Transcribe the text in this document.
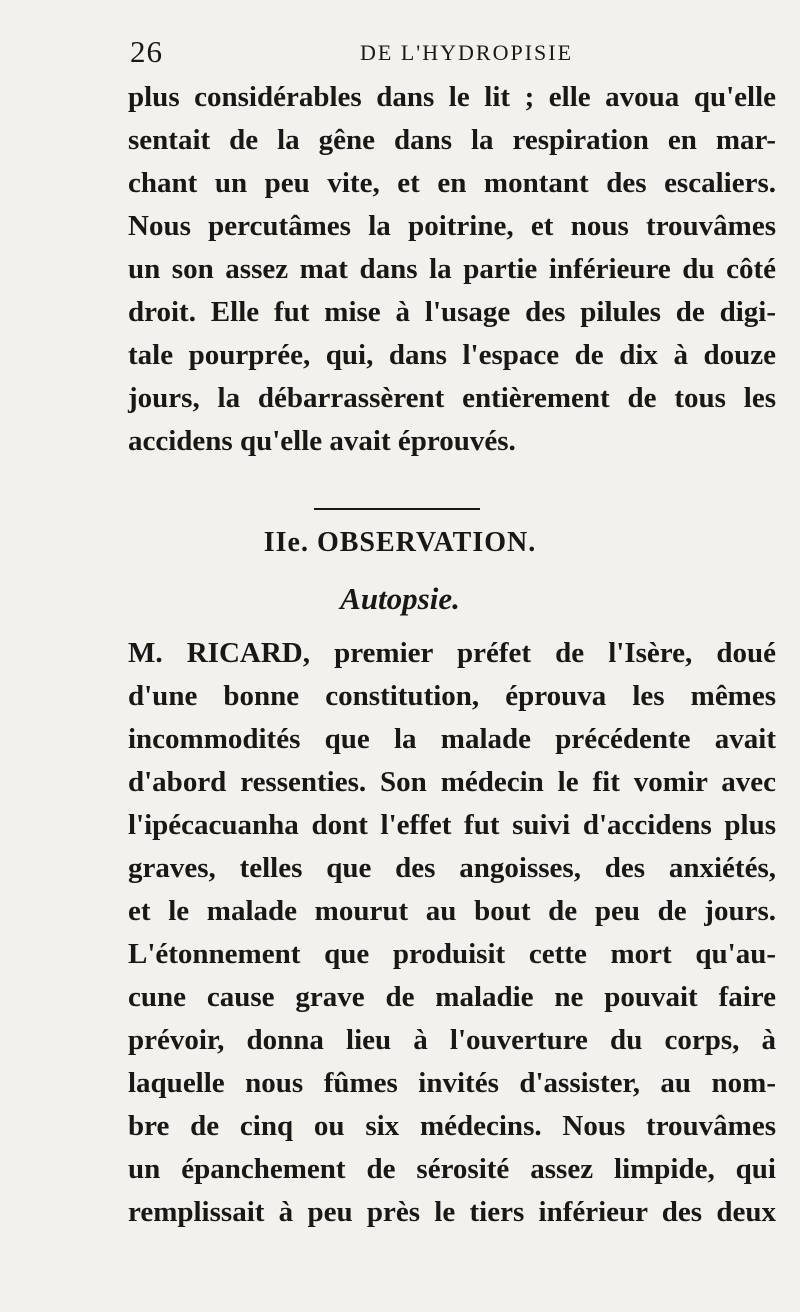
26	DE L'HYDROPISIE
plus considérables dans le lit ; elle avoua qu'elle
sentait de la gêne dans la respiration en mar-
chant un peu vite, et en montant des escaliers.
Nous percutâmes la poitrine, et nous trouvâmes
un son assez mat dans la partie inférieure du côté
droit. Elle fut mise à l'usage des pilules de digi-
tale pourprée, qui, dans l'espace de dix à douze
jours, la débarrassèrent entièrement de tous les
accidens qu'elle avait éprouvés.
IIe. OBSERVATION.
Autopsie.
M. RICARD, premier préfet de l'Isère, doué
d'une bonne constitution, éprouva les mêmes
incommodités que la malade précédente avait
d'abord ressenties. Son médecin le fit vomir avec
l'ipécacuanha dont l'effet fut suivi d'accidens plus
graves, telles que des angoisses, des anxiétés,
et le malade mourut au bout de peu de jours.
L'étonnement que produisit cette mort qu'au-
cune cause grave de maladie ne pouvait faire
prévoir, donna lieu à l'ouverture du corps, à
laquelle nous fûmes invités d'assister, au nom-
bre de cinq ou six médecins. Nous trouvâmes
un épanchement de sérosité assez limpide, qui
remplissait à peu près le tiers inférieur des deux
